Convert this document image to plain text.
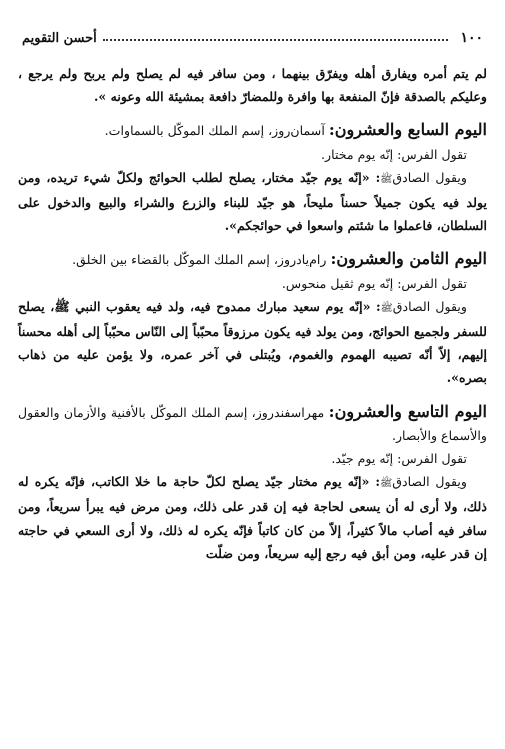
١٠٠
أحسن التقويم

لم يتم أمره ويفارق أهله ويفرّق بينهما ، ومن سافر فيه لم يصلح ولم يربح ولم يرجع ، وعليكم بالصدقة فإنّ المنفعة بها وافرة وللمضارّ دافعة بمشيئة الله وعونه ».

اليوم السابع والعشرون: آسمان‌روز، إسم الملك الموكّل بالسماوات.

تقول الفرس: إنّه يوم مختار.

ويقول الصادقﷺ: «إنّه يوم جيّد مختار، يصلح لطلب الحوائج ولكلّ شيء تريده، ومن يولد فيه يكون جميلاً حسناً مليحاً، هو جيّد للبناء والزرع والشراء والبيع والدخول على السلطان، فاعملوا ما شئتم واسعوا في حوائجكم».

اليوم الثامن والعشرون: رام‌يادروز، إسم الملك الموكّل بالقضاء بين الخلق.

تقول الفرس: إنّه يوم ثقيل منحوس.

ويقول الصادقﷺ: «إنّه يوم سعيد مبارك ممدوح فيه، ولد فيه يعقوب النبي ﷺ، يصلح للسفر ولجميع الحوائج، ومن يولد فيه يكون مرزوقاً محبّباً إلى النّاس محبّباً إلى أهله محسناً إليهم، إلاّ أنّه تصيبه الهموم والغموم، ويُبتلى في آخر عمره، ولا يؤمن عليه من ذهاب بصره».

اليوم التاسع والعشرون: مهراسفندروز، إسم الملك الموكّل بالأفنية والأزمان والعقول والأسماع والأبصار.

تقول الفرس: إنّه يوم جيّد.

ويقول الصادقﷺ: «إنّه يوم مختار جيّد يصلح لكلّ حاجة ما خلا الكاتب، فإنّه يكره له ذلك، ولا أرى له أن يسعى لحاجة فيه إن قدر على ذلك، ومن مرض فيه يبرأ سريعاً، ومن سافر فيه أصاب مالاً كثيراً، إلاّ من كان كاتباً فإنّه يكره له ذلك، ولا أرى السعي في حاجته إن قدر عليه، ومن أبق فيه رجع إليه سريعاً، ومن ضلّت
